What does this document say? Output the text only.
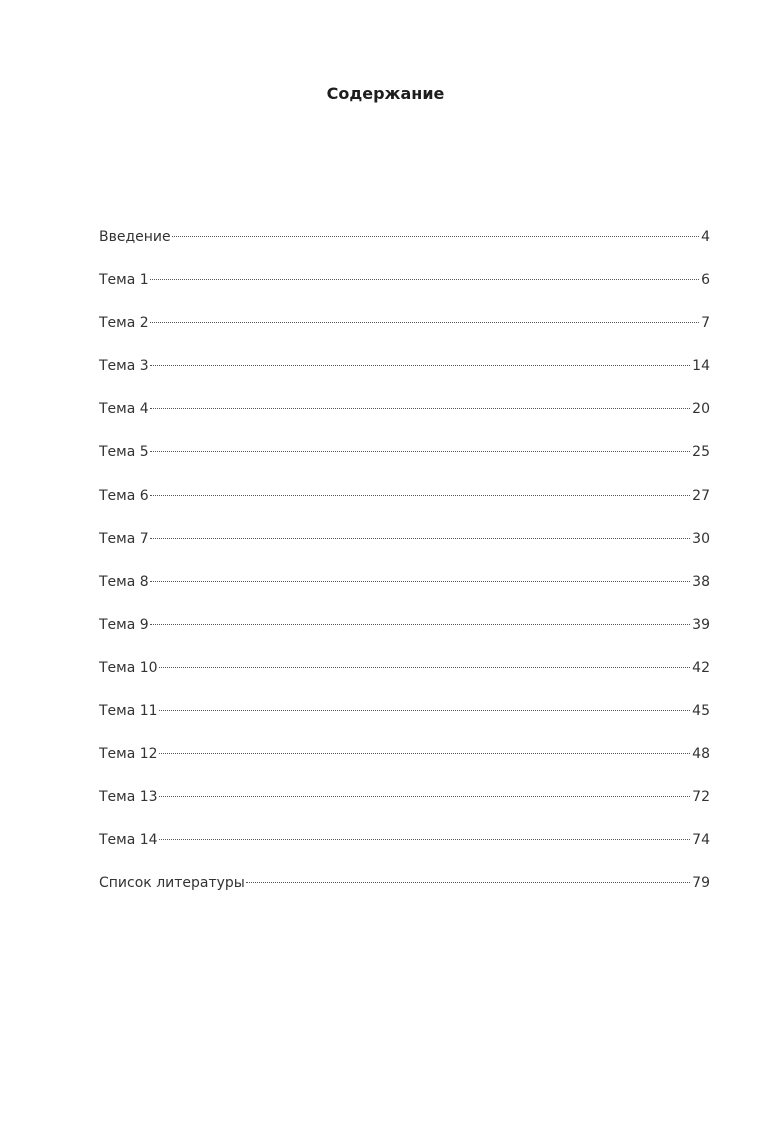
Содержание
Введение	4
Тема 1	6
Тема 2	7
Тема 3	14
Тема 4	20
Тема 5	25
Тема 6	27
Тема 7	30
Тема 8	38
Тема 9	39
Тема 10	42
Тема 11	45
Тема 12	48
Тема 13	72
Тема 14	74
Список литературы	79
